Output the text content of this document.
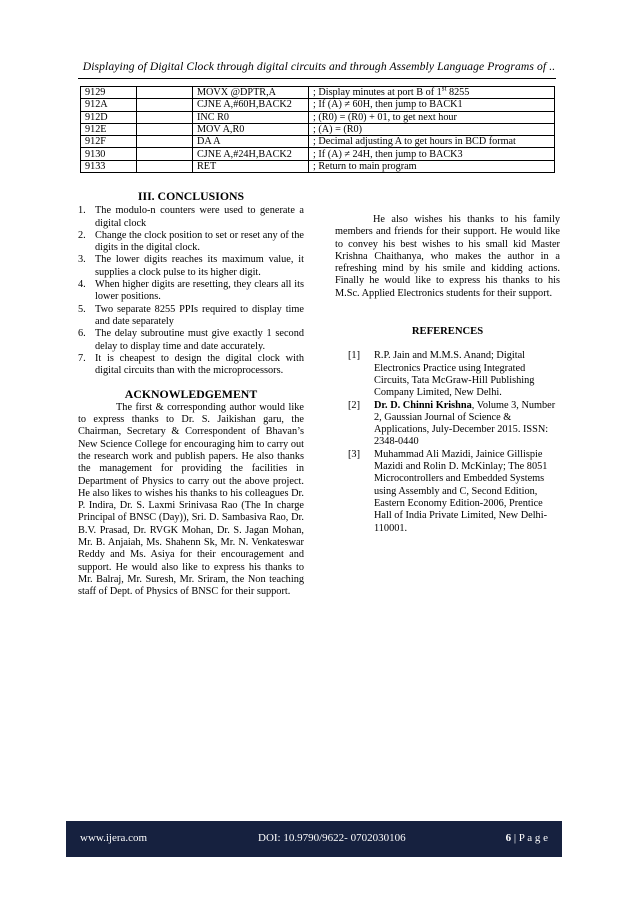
Displaying of Digital Clock through digital circuits and through Assembly Language Programs of ..
9129		MOVX @DPTR,A	; Display minutes at port B of 1st 8255
912A		CJNE A,#60H,BACK2	; If (A) ≠ 60H, then jump to BACK1
912D		INC R0	; (R0) = (R0) + 01, to get next hour
912E		MOV A,R0	; (A) = (R0)
912F		DA A	; Decimal adjusting A to get hours in BCD format
9130		CJNE A,#24H,BACK2	; If (A) ≠ 24H, then jump to BACK3
9133		RET	; Return to main program
III. CONCLUSIONS
1. The modulo-n counters were used to generate a digital clock
2. Change the clock position to set or reset any of the digits in the digital clock.
3. The lower digits reaches its maximum value, it supplies a clock pulse to its higher digit.
4. When higher digits are resetting, they clears all its lower positions.
5. Two separate 8255 PPIs required to display time and date separately
6. The delay subroutine must give exactly 1 second delay to display time and date accurately.
7. It is cheapest to design the digital clock with digital circuits than with the microprocessors.
ACKNOWLEDGEMENT

The first & corresponding author would like to express thanks to Dr. S. Jaikishan garu, the Chairman, Secretary & Correspondent of Bhavan’s New Science College for encouraging him to carry out the research work and publish papers. He also thanks the management for providing the facilities in Department of Physics to carry out the above project. He also likes to wishes his thanks to his colleagues Dr. P. Indira, Dr. S. Laxmi Srinivasa Rao (The In charge Principal of BNSC (Day)), Sri. D. Sambasiva Rao, Dr. B.V. Prasad, Dr. RVGK Mohan, Dr. S. Jagan Mohan, Mr. B. Anjaiah, Ms. Shahenn Sk, Mr. N. Venkateswar Reddy and Ms. Asiya for their encouragement and support. He would also like to express his thanks to Mr. Balraj, Mr. Suresh, Mr. Sriram, the Non teaching staff of Dept. of Physics of BNSC for their support.

He also wishes his thanks to his family members and friends for their support. He would like to convey his best wishes to his small kid Master Krishna Chaithanya, who makes the author in a refreshing mind by his smile and kidding actions. Finally he would like to express his thanks to his M.Sc. Applied Electronics students for their support.

REFERENCES
[1]	R.P. Jain and M.M.S. Anand; Digital Electronics Practice using Integrated Circuits, Tata McGraw-Hill Publishing Company Limited, New Delhi.
[2]	Dr. D. Chinni Krishna, Volume 3, Number 2, Gaussian Journal of Science & Applications, July-December 2015. ISSN: 2348-0440
[3]	Muhammad Ali Mazidi, Jainice Gillispie Mazidi and Rolin D. McKinlay; The 8051 Microcontrollers and Embedded Systems using Assembly and C, Second Edition, Eastern Economy Edition-2006, Prentice Hall of India Private Limited, New Delhi-110001.
www.ijera.com	DOI: 10.9790/9622- 0702030106	6 | P a g e
